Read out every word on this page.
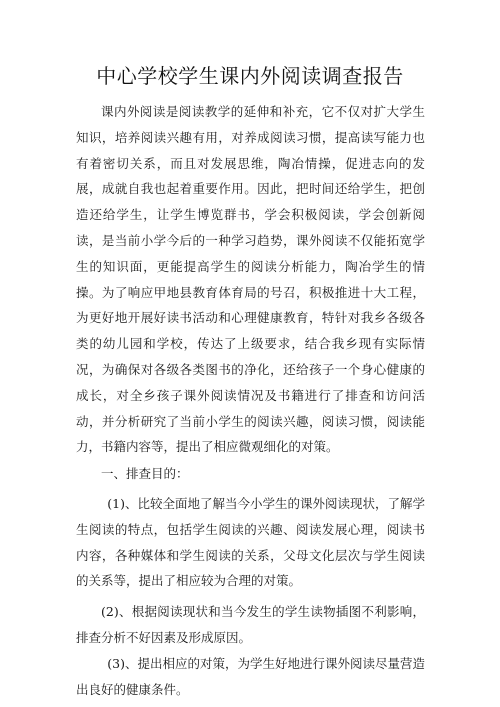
中心学校学生课内外阅读调查报告

课内外阅读是阅读教学的延伸和补充，它不仅对扩大学生知识，培养阅读兴趣有用，对养成阅读习惯，提高读写能力也有着密切关系，而且对发展思维，陶冶情操，促进志向的发展，成就自我也起着重要作用。因此，把时间还给学生，把创造还给学生，让学生博览群书，学会积极阅读，学会创新阅读，是当前小学今后的一种学习趋势，课外阅读不仅能拓宽学生的知识面，更能提高学生的阅读分析能力，陶冶学生的情操。为了响应甲地县教育体育局的号召，积极推进十大工程，为更好地开展好读书活动和心理健康教育，特针对我乡各级各类的幼儿园和学校，传达了上级要求，结合我乡现有实际情况，为确保对各级各类图书的净化，还给孩子一个身心健康的成长，对全乡孩子课外阅读情况及书籍进行了排查和访问活动，并分析研究了当前小学生的阅读兴趣，阅读习惯，阅读能力，书籍内容等，提出了相应微观细化的对策。

一、排查目的：

(1)、比较全面地了解当今小学生的课外阅读现状，了解学生阅读的特点，包括学生阅读的兴趣、阅读发展心理，阅读书内容，各种媒体和学生阅读的关系，父母文化层次与学生阅读的关系等，提出了相应较为合理的对策。

(2)、根据阅读现状和当今发生的学生读物插图不利影响，排查分析不好因素及形成原因。

(3)、提出相应的对策，为学生好地进行课外阅读尽量营造出良好的健康条件。
